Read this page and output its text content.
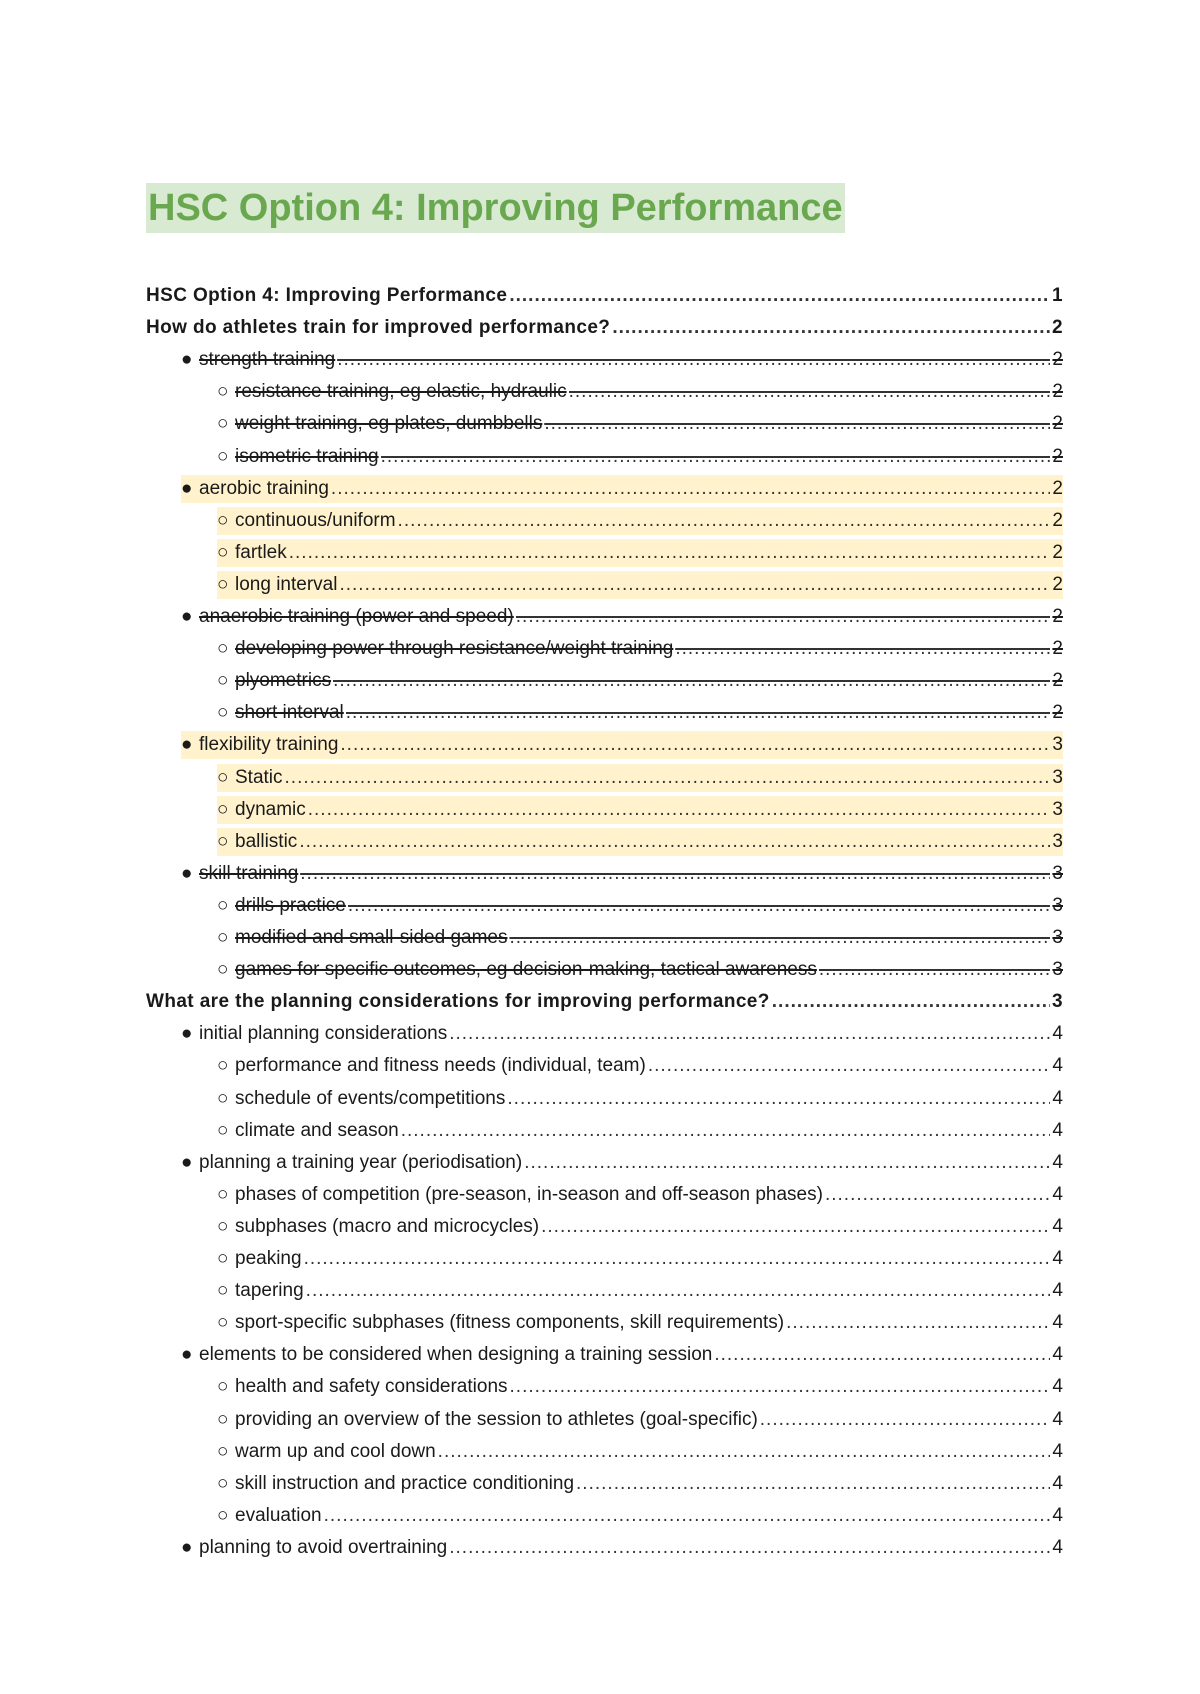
HSC Option 4: Improving Performance
HSC Option 4: Improving Performance .....	1
How do athletes train for improved performance? .....	2
● strength training .....	2
○ resistance training, eg elastic, hydraulic .....	2
○ weight training, eg plates, dumbbells .....	2
○ isometric training .....	2
● aerobic training .....	2
○ continuous/uniform .....	2
○ fartlek .....	2
○ long interval .....	2
● anaerobic training (power and speed) .....	2
○ developing power through resistance/weight training .....	2
○ plyometrics .....	2
○ short interval .....	2
● flexibility training .....	3
○ Static .....	3
○ dynamic .....	3
○ ballistic .....	3
● skill training .....	3
○ drills practice .....	3
○ modified and small-sided games .....	3
○ games for specific outcomes, eg decision-making, tactical awareness .....	3
What are the planning considerations for improving performance? .....	3
● initial planning considerations .....	4
○ performance and fitness needs (individual, team) .....	4
○ schedule of events/competitions .....	4
○ climate and season .....	4
● planning a training year (periodisation) .....	4
○ phases of competition (pre-season, in-season and off-season phases) .....	4
○ subphases (macro and microcycles) .....	4
○ peaking .....	4
○ tapering .....	4
○ sport-specific subphases (fitness components, skill requirements) .....	4
● elements to be considered when designing a training session .....	4
○ health and safety considerations .....	4
○ providing an overview of the session to athletes (goal-specific) .....	4
○ warm up and cool down .....	4
○ skill instruction and practice conditioning .....	4
○ evaluation .....	4
● planning to avoid overtraining .....	4
